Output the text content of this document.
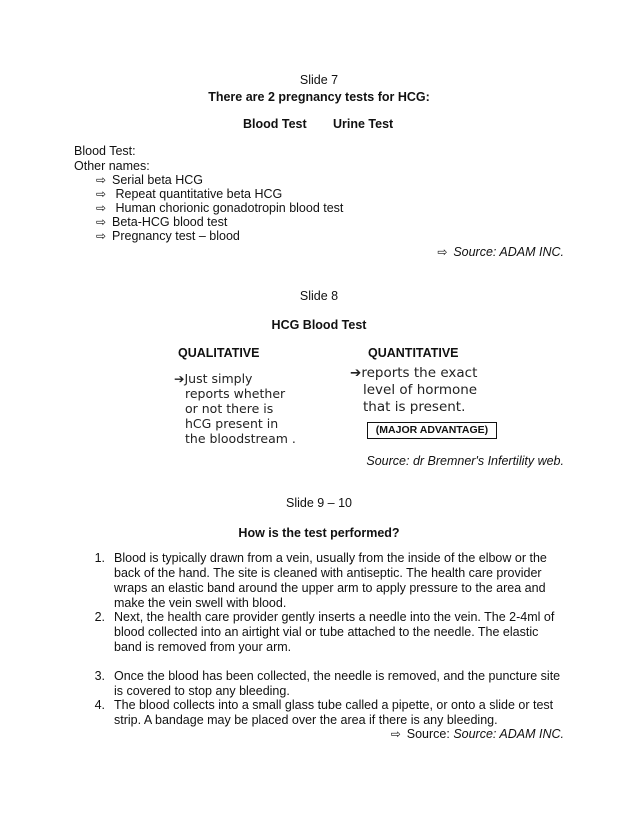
Slide 7
There are 2 pregnancy tests for HCG:
Blood Test Urine Test
Blood Test:
Other names:
⇨ Serial beta HCG
⇨ Repeat quantitative beta HCG
⇨ Human chorionic gonadotropin blood test
⇨ Beta-HCG blood test
⇨ Pregnancy test – blood
⇨ Source: ADAM INC.
Slide 8
HCG Blood Test
QUALITATIVE	QUANTITATIVE
➔Just simply
reports whether
or not there is
hCG present in
the bloodstream .
➔reports the exact
level of hormone
that is present.
(MAJOR ADVANTAGE)
Source: dr Bremner's Infertility web.
Slide 9 – 10
How is the test performed?
1. Blood is typically drawn from a vein, usually from the inside of the elbow or the
back of the hand. The site is cleaned with antiseptic. The health care provider
wraps an elastic band around the upper arm to apply pressure to the area and
make the vein swell with blood.
2. Next, the health care provider gently inserts a needle into the vein. The 2-4ml of
blood collected into an airtight vial or tube attached to the needle. The elastic
band is removed from your arm.
3. Once the blood has been collected, the needle is removed, and the puncture site
is covered to stop any bleeding.
4. The blood collects into a small glass tube called a pipette, or onto a slide or test
strip. A bandage may be placed over the area if there is any bleeding.
⇨ Source: Source: ADAM INC.
